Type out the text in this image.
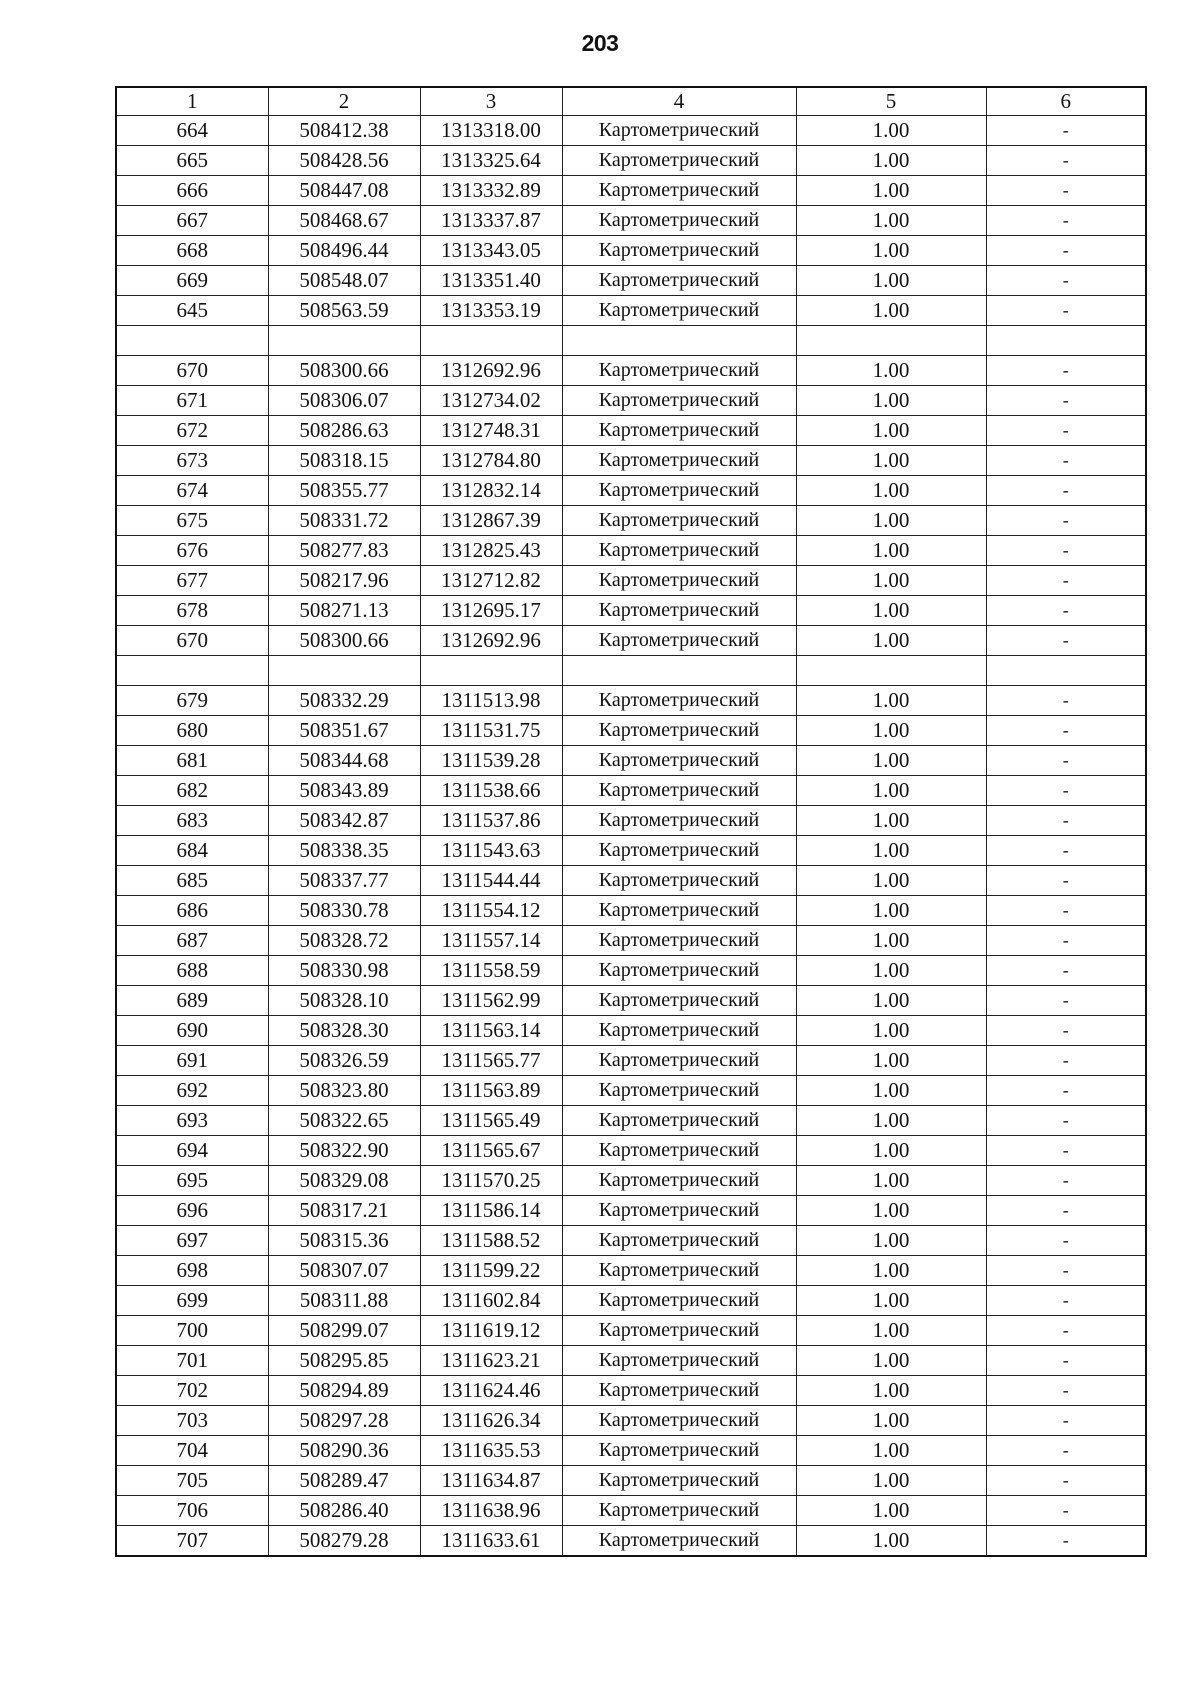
203
1	2	3	4	5	6
664	508412.38	1313318.00	Картометрический	1.00	-
665	508428.56	1313325.64	Картометрический	1.00	-
666	508447.08	1313332.89	Картометрический	1.00	-
667	508468.67	1313337.87	Картометрический	1.00	-
668	508496.44	1313343.05	Картометрический	1.00	-
669	508548.07	1313351.40	Картометрический	1.00	-
645	508563.59	1313353.19	Картометрический	1.00	-

670	508300.66	1312692.96	Картометрический	1.00	-
671	508306.07	1312734.02	Картометрический	1.00	-
672	508286.63	1312748.31	Картометрический	1.00	-
673	508318.15	1312784.80	Картометрический	1.00	-
674	508355.77	1312832.14	Картометрический	1.00	-
675	508331.72	1312867.39	Картометрический	1.00	-
676	508277.83	1312825.43	Картометрический	1.00	-
677	508217.96	1312712.82	Картометрический	1.00	-
678	508271.13	1312695.17	Картометрический	1.00	-
670	508300.66	1312692.96	Картометрический	1.00	-

679	508332.29	1311513.98	Картометрический	1.00	-
680	508351.67	1311531.75	Картометрический	1.00	-
681	508344.68	1311539.28	Картометрический	1.00	-
682	508343.89	1311538.66	Картометрический	1.00	-
683	508342.87	1311537.86	Картометрический	1.00	-
684	508338.35	1311543.63	Картометрический	1.00	-
685	508337.77	1311544.44	Картометрический	1.00	-
686	508330.78	1311554.12	Картометрический	1.00	-
687	508328.72	1311557.14	Картометрический	1.00	-
688	508330.98	1311558.59	Картометрический	1.00	-
689	508328.10	1311562.99	Картометрический	1.00	-
690	508328.30	1311563.14	Картометрический	1.00	-
691	508326.59	1311565.77	Картометрический	1.00	-
692	508323.80	1311563.89	Картометрический	1.00	-
693	508322.65	1311565.49	Картометрический	1.00	-
694	508322.90	1311565.67	Картометрический	1.00	-
695	508329.08	1311570.25	Картометрический	1.00	-
696	508317.21	1311586.14	Картометрический	1.00	-
697	508315.36	1311588.52	Картометрический	1.00	-
698	508307.07	1311599.22	Картометрический	1.00	-
699	508311.88	1311602.84	Картометрический	1.00	-
700	508299.07	1311619.12	Картометрический	1.00	-
701	508295.85	1311623.21	Картометрический	1.00	-
702	508294.89	1311624.46	Картометрический	1.00	-
703	508297.28	1311626.34	Картометрический	1.00	-
704	508290.36	1311635.53	Картометрический	1.00	-
705	508289.47	1311634.87	Картометрический	1.00	-
706	508286.40	1311638.96	Картометрический	1.00	-
707	508279.28	1311633.61	Картометрический	1.00	-
